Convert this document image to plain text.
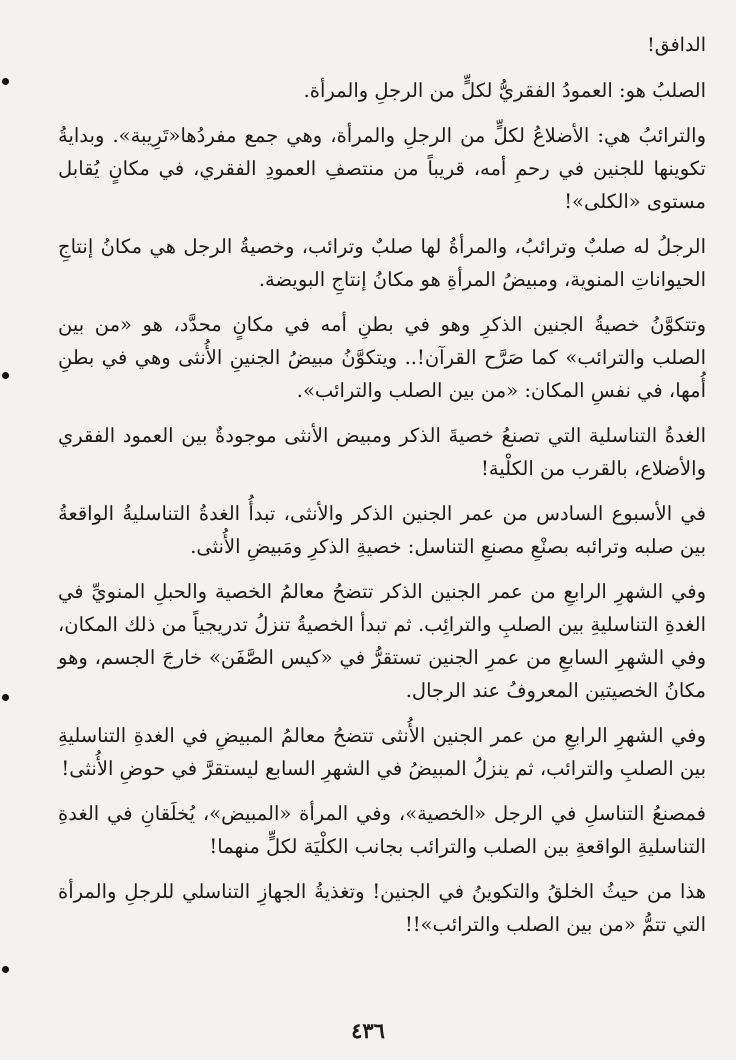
الدافق!

الصلبُ هو: العمودُ الفقريُّ لكلٍّ من الرجلِ والمرأة.

والترائبُ هي: الأضلاعُ لكلٍّ من الرجلِ والمرأة، وهي جمع مفردُها«تَرِيبة». وبدايةُ تكوينها للجنين في رحمِ أمه، قريباً من منتصفِ العمودِ الفقري، في مكانٍ يُقابل مستوى «الكلى»!

الرجلُ له صلبٌ وترائبُ، والمرأةُ لها صلبٌ وترائب، وخصيةُ الرجل هي مكانُ إنتاجِ الحيواناتِ المنوية، ومبيضُ المرأةِ هو مكانُ إنتاجِ البويضة.

وتتكوَّنُ خصيةُ الجنين الذكرِ وهو في بطنِ أمه في مكانٍ محدَّد، هو «من بين الصلب والترائب» كما صَرَّح القرآن!.. ويتكوَّنُ مبيضُ الجنينِ الأُنثى وهي في بطنِ أُمها، في نفسِ المكان: «من بين الصلب والترائب».

الغدةُ التناسلية التي تصنعُ خصيةَ الذكر ومبيض الأنثى موجودةٌ بين العمود الفقري والأضلاع، بالقرب من الكلْية!

في الأسبوع السادس من عمر الجنين الذكر والأنثى، تبدأُ الغدةُ التناسليةُ الواقعةُ بين صلبه وترائبه بصنْعِ مصنعِ التناسل: خصيةِ الذكرِ ومَبيضِ الأُنثى.

وفي الشهرِ الرابعِ من عمر الجنين الذكر تتضحُ معالمُ الخصية والحبلِ المنويِّ في الغدةِ التناسليةِ بين الصلبِ والترائِب. ثم تبدأ الخصيةُ تنزلُ تدريجياً من ذلك المكان، وفي الشهرِ السابعِ من عمرِ الجنين تستقرُّ في «كيس الصَّفَن» خارجَ الجسم، وهو مكانُ الخصيتين المعروفُ عند الرجال.

وفي الشهرِ الرابعِ من عمر الجنين الأُنثى تتضحُ معالمُ المبيضِ في الغدةِ التناسليةِ بين الصلبِ والترائب، ثم ينزلُ المبيضُ في الشهرِ السابع ليستقرَّ في حوضِ الأُنثى!

فمصنعُ التناسلِ في الرجل «الخصية»، وفي المرأة «المبيض»، يُخلَقانِ في الغدةِ التناسليةِ الواقعةِ بين الصلب والترائب بجانب الكلْيَة لكلٍّ منهما!

هذا من حيثُ الخلقُ والتكوينُ في الجنين! وتغذيةُ الجهازِ التناسلي للرجلِ والمرأة التي تتمُّ «من بين الصلب والترائب»!!

٤٣٦
